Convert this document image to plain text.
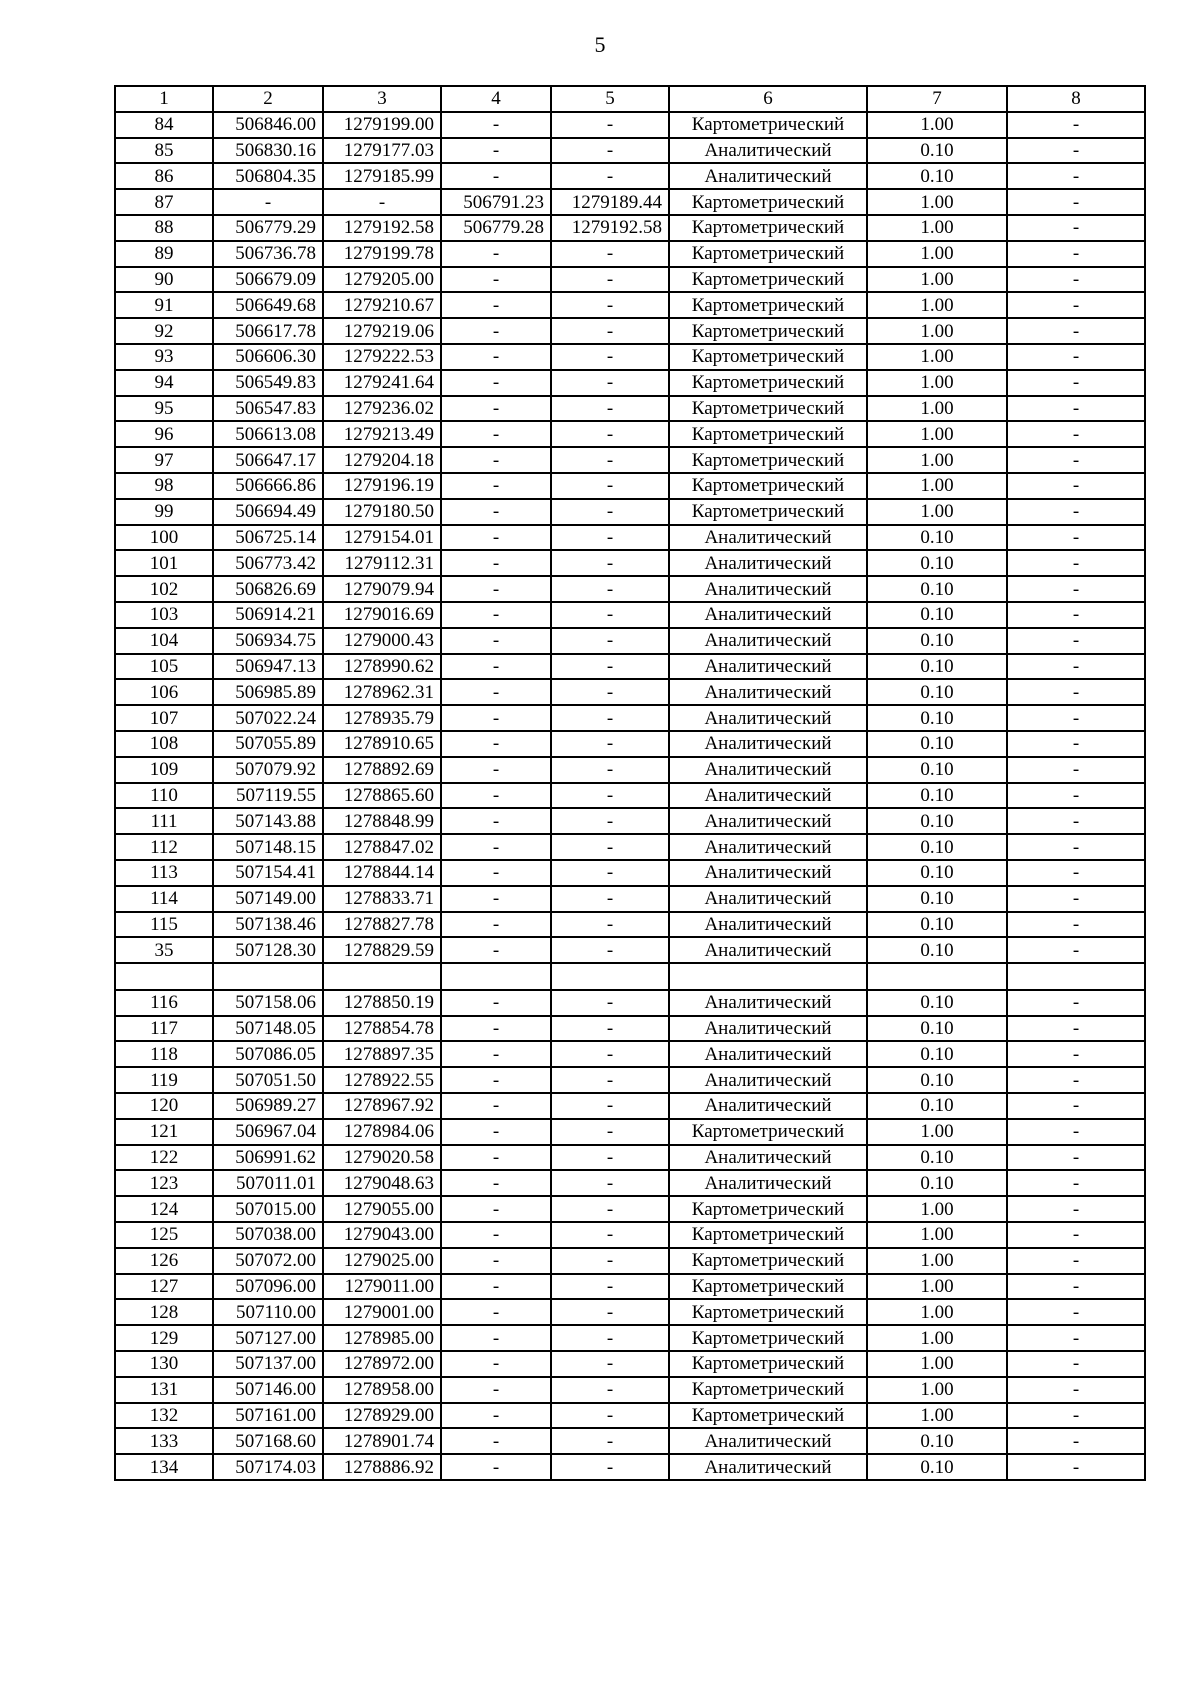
5
1	2	3	4	5	6	7	8
84	506846.00	1279199.00	-	-	Картометрический	1.00	-
85	506830.16	1279177.03	-	-	Аналитический	0.10	-
86	506804.35	1279185.99	-	-	Аналитический	0.10	-
87	-	-	506791.23	1279189.44	Картометрический	1.00	-
88	506779.29	1279192.58	506779.28	1279192.58	Картометрический	1.00	-
89	506736.78	1279199.78	-	-	Картометрический	1.00	-
90	506679.09	1279205.00	-	-	Картометрический	1.00	-
91	506649.68	1279210.67	-	-	Картометрический	1.00	-
92	506617.78	1279219.06	-	-	Картометрический	1.00	-
93	506606.30	1279222.53	-	-	Картометрический	1.00	-
94	506549.83	1279241.64	-	-	Картометрический	1.00	-
95	506547.83	1279236.02	-	-	Картометрический	1.00	-
96	506613.08	1279213.49	-	-	Картометрический	1.00	-
97	506647.17	1279204.18	-	-	Картометрический	1.00	-
98	506666.86	1279196.19	-	-	Картометрический	1.00	-
99	506694.49	1279180.50	-	-	Картометрический	1.00	-
100	506725.14	1279154.01	-	-	Аналитический	0.10	-
101	506773.42	1279112.31	-	-	Аналитический	0.10	-
102	506826.69	1279079.94	-	-	Аналитический	0.10	-
103	506914.21	1279016.69	-	-	Аналитический	0.10	-
104	506934.75	1279000.43	-	-	Аналитический	0.10	-
105	506947.13	1278990.62	-	-	Аналитический	0.10	-
106	506985.89	1278962.31	-	-	Аналитический	0.10	-
107	507022.24	1278935.79	-	-	Аналитический	0.10	-
108	507055.89	1278910.65	-	-	Аналитический	0.10	-
109	507079.92	1278892.69	-	-	Аналитический	0.10	-
110	507119.55	1278865.60	-	-	Аналитический	0.10	-
111	507143.88	1278848.99	-	-	Аналитический	0.10	-
112	507148.15	1278847.02	-	-	Аналитический	0.10	-
113	507154.41	1278844.14	-	-	Аналитический	0.10	-
114	507149.00	1278833.71	-	-	Аналитический	0.10	-
115	507138.46	1278827.78	-	-	Аналитический	0.10	-
35	507128.30	1278829.59	-	-	Аналитический	0.10	-

116	507158.06	1278850.19	-	-	Аналитический	0.10	-
117	507148.05	1278854.78	-	-	Аналитический	0.10	-
118	507086.05	1278897.35	-	-	Аналитический	0.10	-
119	507051.50	1278922.55	-	-	Аналитический	0.10	-
120	506989.27	1278967.92	-	-	Аналитический	0.10	-
121	506967.04	1278984.06	-	-	Картометрический	1.00	-
122	506991.62	1279020.58	-	-	Аналитический	0.10	-
123	507011.01	1279048.63	-	-	Аналитический	0.10	-
124	507015.00	1279055.00	-	-	Картометрический	1.00	-
125	507038.00	1279043.00	-	-	Картометрический	1.00	-
126	507072.00	1279025.00	-	-	Картометрический	1.00	-
127	507096.00	1279011.00	-	-	Картометрический	1.00	-
128	507110.00	1279001.00	-	-	Картометрический	1.00	-
129	507127.00	1278985.00	-	-	Картометрический	1.00	-
130	507137.00	1278972.00	-	-	Картометрический	1.00	-
131	507146.00	1278958.00	-	-	Картометрический	1.00	-
132	507161.00	1278929.00	-	-	Картометрический	1.00	-
133	507168.60	1278901.74	-	-	Аналитический	0.10	-
134	507174.03	1278886.92	-	-	Аналитический	0.10	-
